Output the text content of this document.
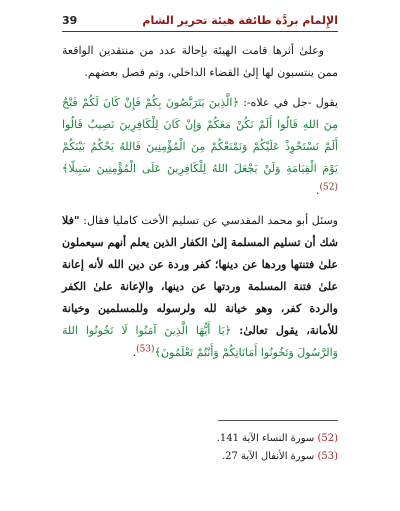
الإِلمام بردَّة طائفة هيئة تحرير الشام
39

وعلىٰ أثرها قامت الهيئة بإحالة عدد من منتقدين الواقعة ممن ينتسبون لها إلىٰ القضاء الداخلي، وتم فصل بعضهم.

يقول -جل في علاه-: ﴿الَّذِينَ يَتَرَبَّصُونَ بِكُمْ فَإِنْ كَانَ لَكُمْ فَتْحٌ مِنَ اللهِ قَالُوا أَلَمْ نَكُنْ مَعَكُمْ وَإِنْ كَانَ لِلْكَافِرِينَ نَصِيبٌ قَالُوا أَلَمْ نَسْتَحْوِذْ عَلَيْكُمْ وَنَمْنَعْكُمْ مِنَ الْمُؤْمِنِينَ فَاللهُ يَحْكُمُ بَيْنَكُمْ يَوْمَ الْقِيَامَةِ وَلَنْ يَجْعَلَ اللهُ لِلْكَافِرِينَ عَلَى الْمُؤْمِنِينَ سَبِيلًا﴾$^{(52)}$.

وسئل أبو محمد المقدسي عن تسليم الأخت كامليا فقال: "فلا شك أن تسليم المسلمة إلىٰ الكفار الذين يعلم أنهم سيعملون علىٰ فتنتها وردها عن دينها؛ كفر وردة عن دين الله لأنه إعانة علىٰ فتنة المسلمة وردتها عن دينها، والإعانة علىٰ الكفر والردة كفر، وهو خيانة لله ولرسوله وللمسلمين وخيانة للأمانة، يقول تعالىٰ: ﴿يَا أَيُّهَا الَّذِينَ آمَنُوا لَا تَخُونُوا اللهَ وَالرَّسُولَ وَتَخُونُوا أَمَانَاتِكُمْ وَأَنْتُمْ تَعْلَمُونَ﴾$^{(53)}$.

(52) سورة النساء الآية 141.
(53) سورة الأنفال الآية 27.
